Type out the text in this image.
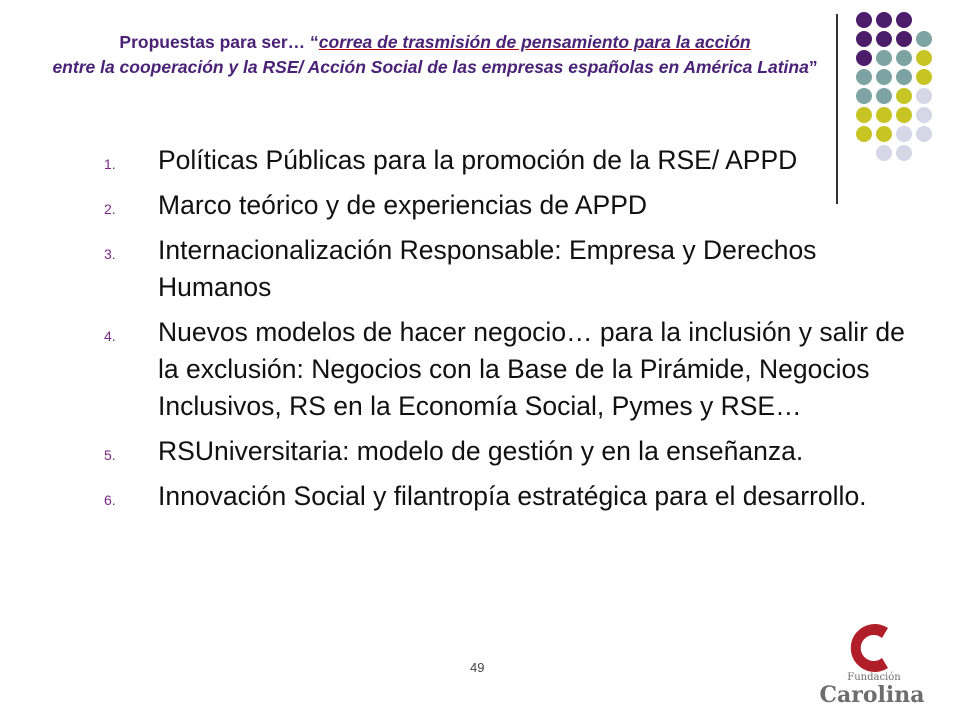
Propuestas para ser… “correa de trasmisión de pensamiento para la acción
entre la cooperación y la RSE/ Acción Social de las empresas españolas en América Latina”
1. Políticas Públicas para la promoción de la RSE/ APPD
2. Marco teórico y de experiencias de APPD
3. Internacionalización Responsable: Empresa y Derechos Humanos
4. Nuevos modelos de hacer negocio… para la inclusión y salir de la exclusión: Negocios con la Base de la Pirámide, Negocios Inclusivos, RS en la Economía Social, Pymes y RSE…
5. RSUniversitaria: modelo de gestión y en la enseñanza.
6. Innovación Social y filantropía estratégica para el desarrollo.
49
Fundación
Carolina
